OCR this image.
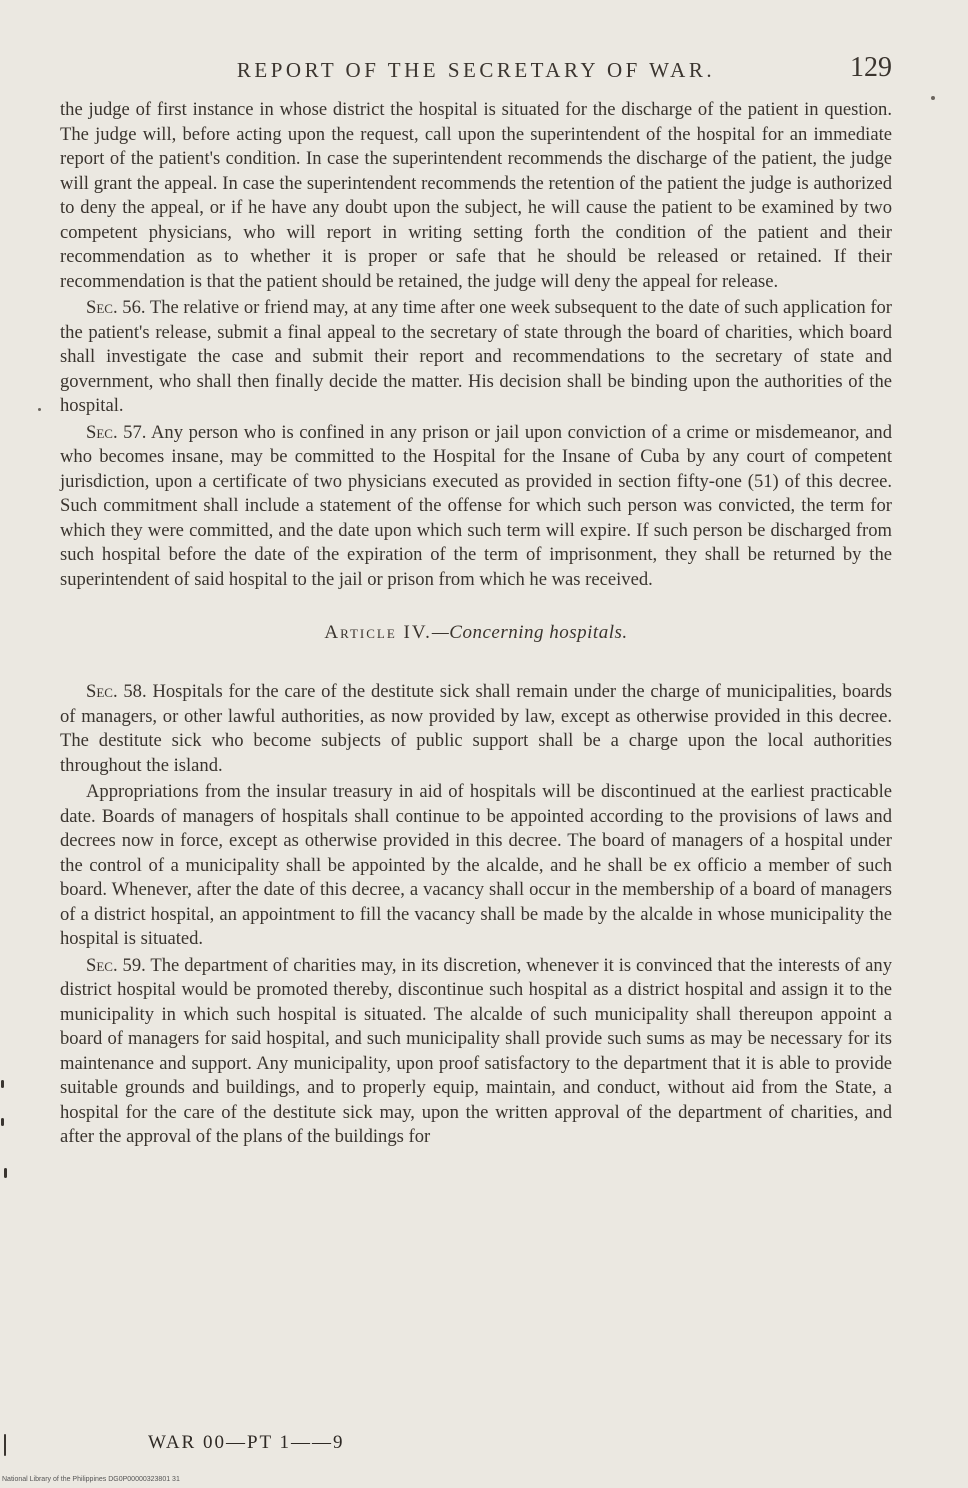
REPORT OF THE SECRETARY OF WAR.	129

the judge of first instance in whose district the hospital is situated for the discharge of the patient in question. The judge will, before acting upon the request, call upon the superintendent of the hospital for an immediate report of the patient's condition. In case the superintendent recommends the discharge of the patient, the judge will grant the appeal. In case the superintendent recommends the retention of the patient the judge is authorized to deny the appeal, or if he have any doubt upon the subject, he will cause the patient to be examined by two competent physicians, who will report in writing setting forth the condition of the patient and their recommendation as to whether it is proper or safe that he should be released or retained. If their recommendation is that the patient should be retained, the judge will deny the appeal for release.

Sec. 56. The relative or friend may, at any time after one week subsequent to the date of such application for the patient's release, submit a final appeal to the secretary of state through the board of charities, which board shall investigate the case and submit their report and recommendations to the secretary of state and government, who shall then finally decide the matter. His decision shall be binding upon the authorities of the hospital.

Sec. 57. Any person who is confined in any prison or jail upon conviction of a crime or misdemeanor, and who becomes insane, may be committed to the Hospital for the Insane of Cuba by any court of competent jurisdiction, upon a certificate of two physicians executed as provided in section fifty-one (51) of this decree. Such commitment shall include a statement of the offense for which such person was convicted, the term for which they were committed, and the date upon which such term will expire. If such person be discharged from such hospital before the date of the expiration of the term of imprisonment, they shall be returned by the superintendent of said hospital to the jail or prison from which he was received.

Article IV.—Concerning hospitals.

Sec. 58. Hospitals for the care of the destitute sick shall remain under the charge of municipalities, boards of managers, or other lawful authorities, as now provided by law, except as otherwise provided in this decree. The destitute sick who become subjects of public support shall be a charge upon the local authorities throughout the island.

Appropriations from the insular treasury in aid of hospitals will be discontinued at the earliest practicable date. Boards of managers of hospitals shall continue to be appointed according to the provisions of laws and decrees now in force, except as otherwise provided in this decree. The board of managers of a hospital under the control of a municipality shall be appointed by the alcalde, and he shall be ex officio a member of such board. Whenever, after the date of this decree, a vacancy shall occur in the membership of a board of managers of a district hospital, an appointment to fill the vacancy shall be made by the alcalde in whose municipality the hospital is situated.

Sec. 59. The department of charities may, in its discretion, whenever it is convinced that the interests of any district hospital would be promoted thereby, discontinue such hospital as a district hospital and assign it to the municipality in which such hospital is situated. The alcalde of such municipality shall thereupon appoint a board of managers for said hospital, and such municipality shall provide such sums as may be necessary for its maintenance and support. Any municipality, upon proof satisfactory to the department that it is able to provide suitable grounds and buildings, and to properly equip, maintain, and conduct, without aid from the State, a hospital for the care of the destitute sick may, upon the written approval of the department of charities, and after the approval of the plans of the buildings for

WAR 00—PT 1——9
National Library of the Philippines DG0P00000323801 31
